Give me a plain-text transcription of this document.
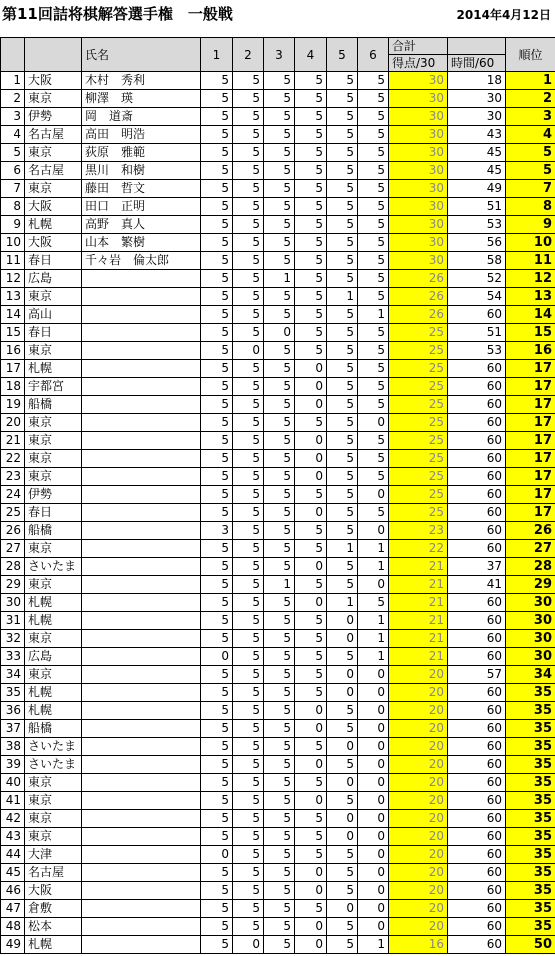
第11回詰将棋解答選手権　一般戦	2014年4月12日
		氏名	1	2	3	4	5	6	合計		順位
									得点/30	時間/60	
1	大阪	木村　秀利	5	5	5	5	5	5	30	18	1
2	東京	柳澤　瑛	5	5	5	5	5	5	30	30	2
3	伊勢	岡　道斎	5	5	5	5	5	5	30	30	3
4	名古屋	高田　明浩	5	5	5	5	5	5	30	43	4
5	東京	荻原　雅範	5	5	5	5	5	5	30	45	5
6	名古屋	黒川　和樹	5	5	5	5	5	5	30	45	5
7	東京	藤田　哲文	5	5	5	5	5	5	30	49	7
8	大阪	田口　正明	5	5	5	5	5	5	30	51	8
9	札幌	高野　真人	5	5	5	5	5	5	30	53	9
10	大阪	山本　繁樹	5	5	5	5	5	5	30	56	10
11	春日	千々岩　倫太郎	5	5	5	5	5	5	30	58	11
12	広島		5	5	1	5	5	5	26	52	12
13	東京		5	5	5	5	1	5	26	54	13
14	高山		5	5	5	5	5	1	26	60	14
15	春日		5	5	0	5	5	5	25	51	15
16	東京		5	0	5	5	5	5	25	53	16
17	札幌		5	5	5	0	5	5	25	60	17
18	宇都宮		5	5	5	0	5	5	25	60	17
19	船橋		5	5	5	0	5	5	25	60	17
20	東京		5	5	5	5	5	0	25	60	17
21	東京		5	5	5	0	5	5	25	60	17
22	東京		5	5	5	0	5	5	25	60	17
23	東京		5	5	5	0	5	5	25	60	17
24	伊勢		5	5	5	5	5	0	25	60	17
25	春日		5	5	5	0	5	5	25	60	17
26	船橋		3	5	5	5	5	0	23	60	26
27	東京		5	5	5	5	1	1	22	60	27
28	さいたま		5	5	5	0	5	1	21	37	28
29	東京		5	5	1	5	5	0	21	41	29
30	札幌		5	5	5	0	1	5	21	60	30
31	札幌		5	5	5	5	0	1	21	60	30
32	東京		5	5	5	5	0	1	21	60	30
33	広島		0	5	5	5	5	1	21	60	30
34	東京		5	5	5	5	0	0	20	57	34
35	札幌		5	5	5	5	0	0	20	60	35
36	札幌		5	5	5	0	5	0	20	60	35
37	船橋		5	5	5	0	5	0	20	60	35
38	さいたま		5	5	5	5	0	0	20	60	35
39	さいたま		5	5	5	0	5	0	20	60	35
40	東京		5	5	5	5	0	0	20	60	35
41	東京		5	5	5	0	5	0	20	60	35
42	東京		5	5	5	5	0	0	20	60	35
43	東京		5	5	5	5	0	0	20	60	35
44	大津		0	5	5	5	5	0	20	60	35
45	名古屋		5	5	5	0	5	0	20	60	35
46	大阪		5	5	5	0	5	0	20	60	35
47	倉敷		5	5	5	5	0	0	20	60	35
48	松本		5	5	5	0	5	0	20	60	35
49	札幌		5	0	5	0	5	1	16	60	50
